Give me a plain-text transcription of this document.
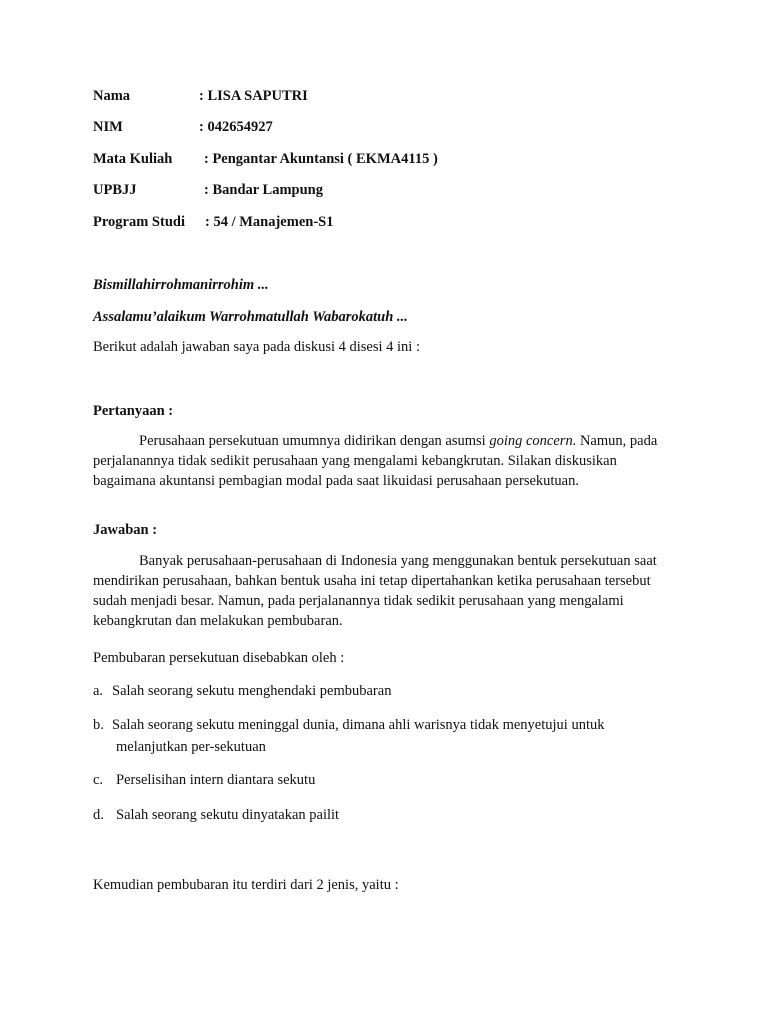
Nama	: LISA SAPUTRI
NIM	: 042654927
Mata Kuliah : Pengantar Akuntansi ( EKMA4115 )
UPBJJ	: Bandar Lampung
Program Studi : 54 / Manajemen-S1
Bismillahirrohmanirrohim ...
Assalamu’alaikum Warrohmatullah Wabarokatuh ...
Berikut adalah jawaban saya pada diskusi 4 disesi 4 ini :
Pertanyaan :
Perusahaan persekutuan umumnya didirikan dengan asumsi going concern. Namun, pada perjalanannya tidak sedikit perusahaan yang mengalami kebangkrutan. Silakan diskusikan bagaimana akuntansi pembagian modal pada saat likuidasi perusahaan persekutuan.
Jawaban :
Banyak perusahaan-perusahaan di Indonesia yang menggunakan bentuk persekutuan saat mendirikan perusahaan, bahkan bentuk usaha ini tetap dipertahankan ketika perusahaan tersebut sudah menjadi besar. Namun, pada perjalanannya tidak sedikit perusahaan yang mengalami kebangkrutan dan melakukan pembubaran.
Pembubaran persekutuan disebabkan oleh :
a. Salah seorang sekutu menghendaki pembubaran
b. Salah seorang sekutu meninggal dunia, dimana ahli warisnya tidak menyetujui untuk
melanjutkan per-sekutuan
c. Perselisihan intern diantara sekutu
d. Salah seorang sekutu dinyatakan pailit
Kemudian pembubaran itu terdiri dari 2 jenis, yaitu :
